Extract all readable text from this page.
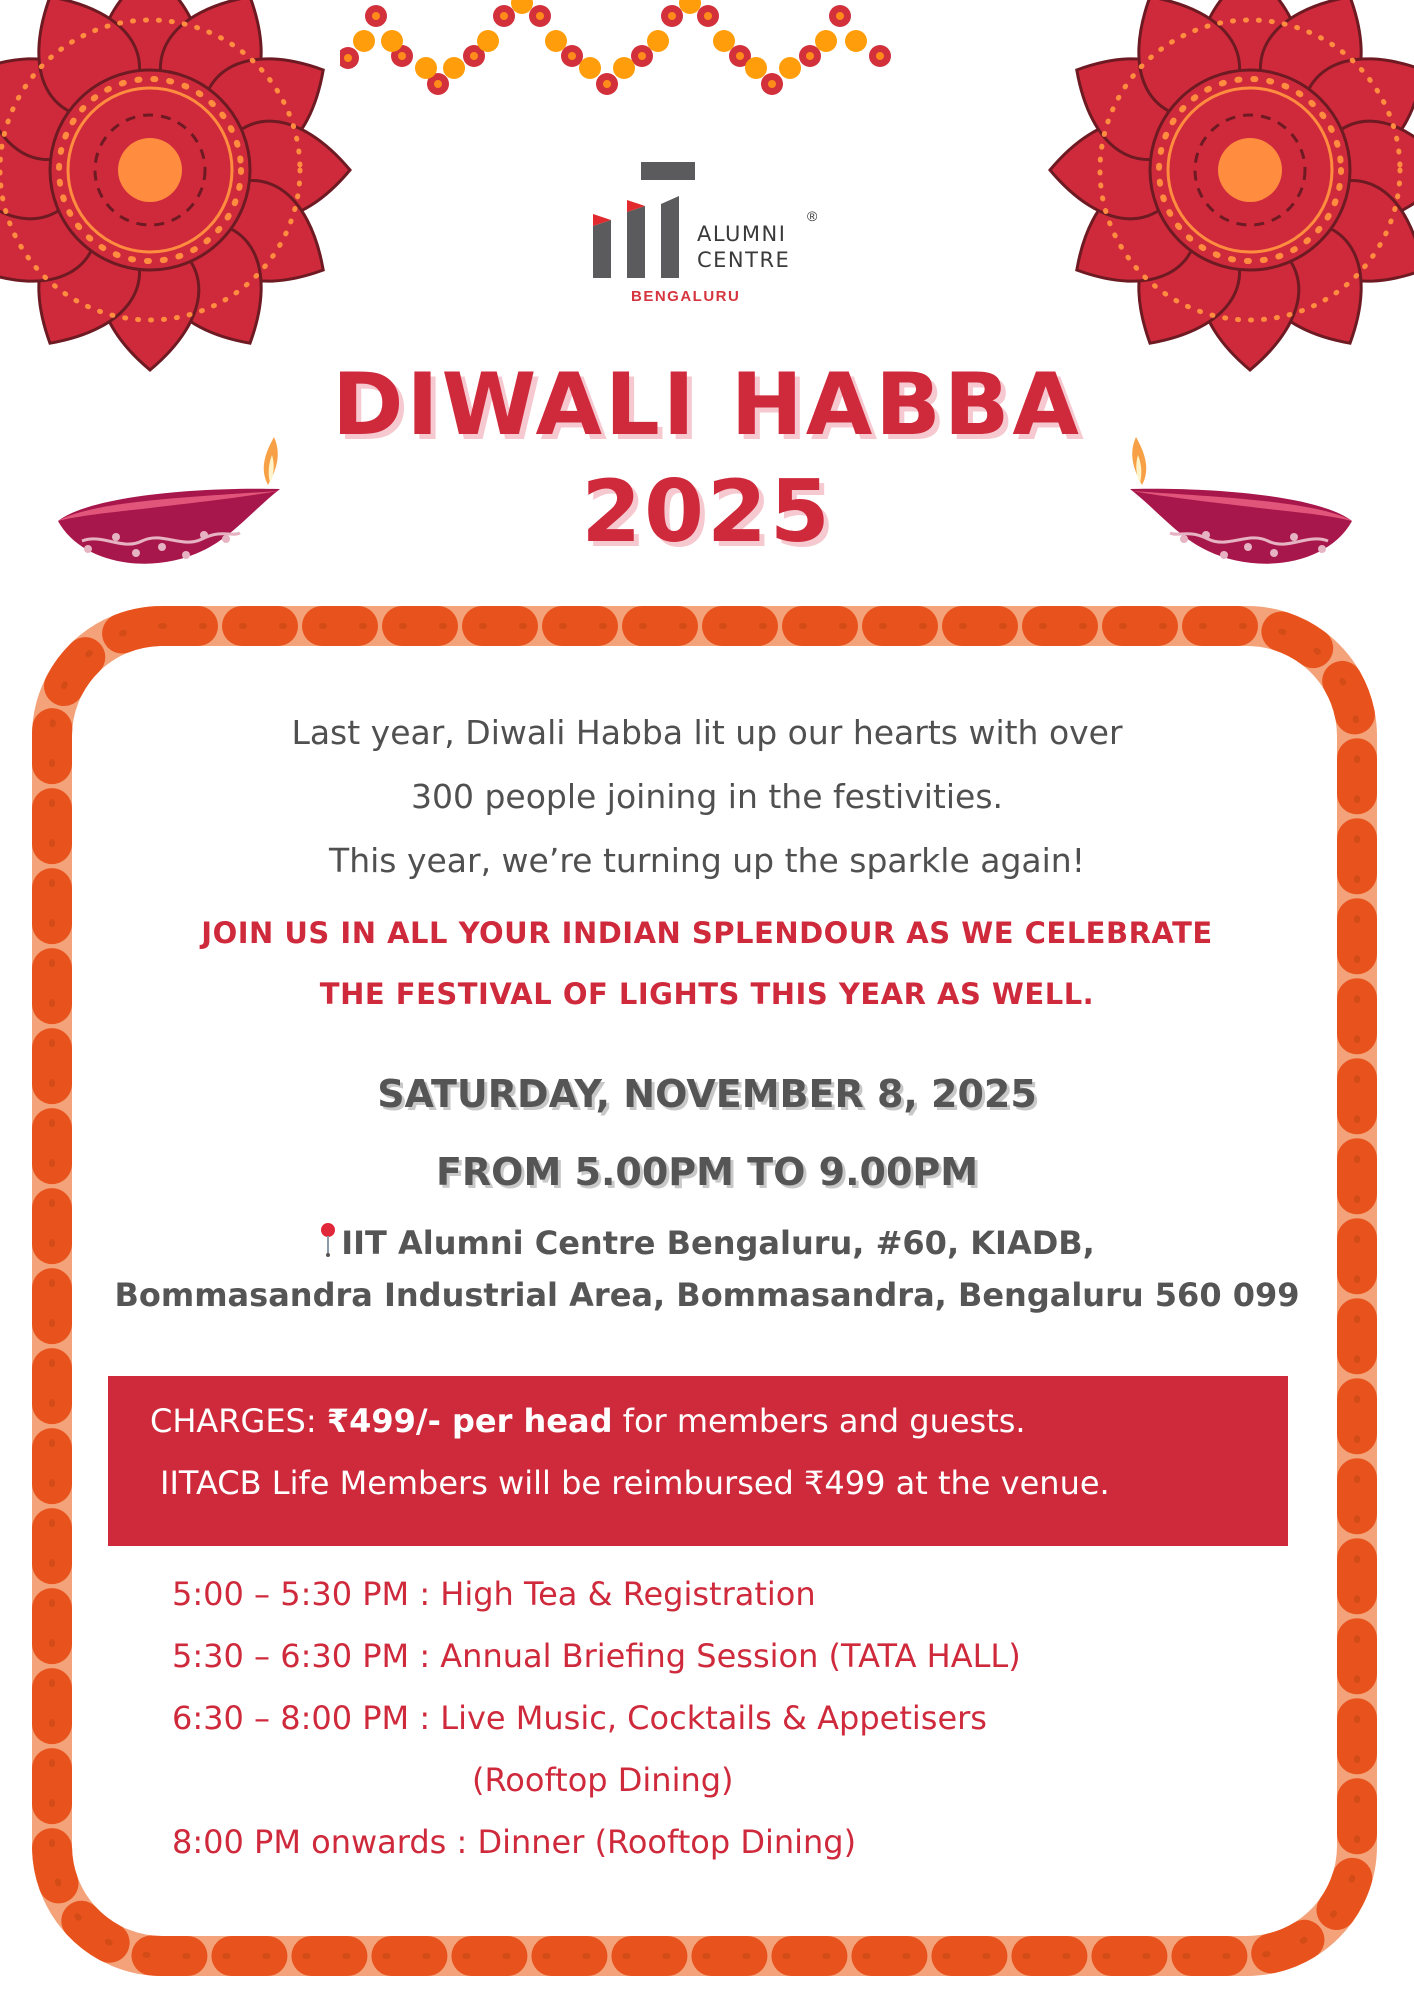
ALUMNI
CENTRE
®
BENGALURU
DIWALI HABBA
2025
Last year, Diwali Habba lit up our hearts with over
300 people joining in the festivities.
This year, we’re turning up the sparkle again!
JOIN US IN ALL YOUR INDIAN SPLENDOUR AS WE CELEBRATE
THE FESTIVAL OF LIGHTS THIS YEAR AS WELL.
SATURDAY, NOVEMBER 8, 2025
FROM 5.00PM TO 9.00PM
IIT Alumni Centre Bengaluru, #60, KIADB,
Bommasandra Industrial Area, Bommasandra, Bengaluru 560 099
CHARGES: ₹499/- per head for members and guests.
IITACB Life Members will be reimbursed ₹499 at the venue.
5:00 – 5:30 PM : High Tea & Registration
5:30 – 6:30 PM : Annual Briefing Session (TATA HALL)
6:30 – 8:00 PM : Live Music, Cocktails & Appetisers
(Rooftop Dining)
8:00 PM onwards : Dinner (Rooftop Dining)
